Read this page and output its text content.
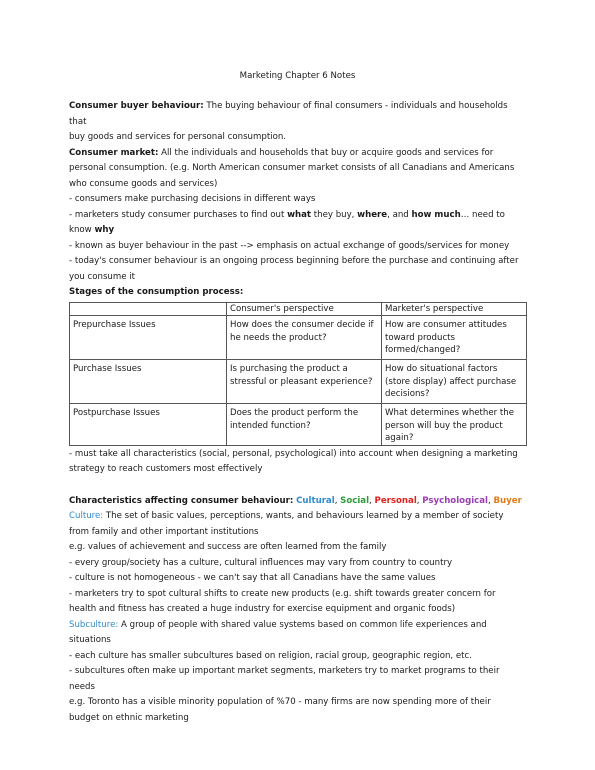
Marketing Chapter 6 Notes

Consumer buyer behaviour: The buying behaviour of final consumers - individuals and households that

buy goods and services for personal consumption.

Consumer market: All the individuals and households that buy or acquire goods and services for

personal consumption. (e.g. North American consumer market consists of all Canadians and Americans

who consume goods and services)

- consumers make purchasing decisions in different ways

- marketers study consumer purchases to find out what they buy, where, and how much… need to

know why

- known as buyer behaviour in the past --> emphasis on actual exchange of goods/services for money

- today's consumer behaviour is an ongoing process beginning before the purchase and continuing after

you consume it

Stages of the consumption process:

	Consumer's perspective	Marketer's perspective
Prepurchase Issues	How does the consumer decide if he needs the product?	How are consumer attitudes toward products formed/changed?
Purchase Issues	Is purchasing the product a stressful or pleasant experience?	How do situational factors (store display) affect purchase decisions?
Postpurchase Issues	Does the product perform the intended function?	What determines whether the person will buy the product again?

- must take all characteristics (social, personal, psychological) into account when designing a marketing

strategy to reach customers most effectively

Characteristics affecting consumer behaviour: Cultural, Social, Personal, Psychological, Buyer

Culture: The set of basic values, perceptions, wants, and behaviours learned by a member of society

from family and other important institutions

e.g. values of achievement and success are often learned from the family

- every group/society has a culture, cultural influences may vary from country to country

- culture is not homogeneous - we can't say that all Canadians have the same values

- marketers try to spot cultural shifts to create new products (e.g. shift towards greater concern for

health and fitness has created a huge industry for exercise equipment and organic foods)

Subculture: A group of people with shared value systems based on common life experiences and

situations

- each culture has smaller subcultures based on religion, racial group, geographic region, etc.

- subcultures often make up important market segments, marketers try to market programs to their

needs

e.g. Toronto has a visible minority population of %70 - many firms are now spending more of their

budget on ethnic marketing
